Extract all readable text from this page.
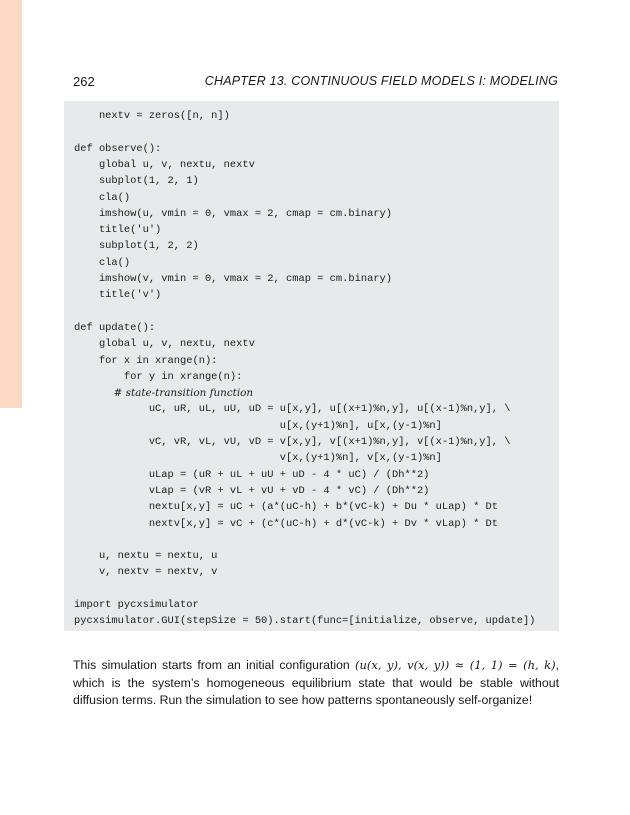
262	CHAPTER 13. CONTINUOUS FIELD MODELS I: MODELING
nextv = zeros([n, n])
def observe():
global u, v, nextu, nextv
subplot(1, 2, 1)
cla()
imshow(u, vmin = 0, vmax = 2, cmap = cm.binary)
title('u')
subplot(1, 2, 2)
cla()
imshow(v, vmin = 0, vmax = 2, cmap = cm.binary)
title('v')
def update():
global u, v, nextu, nextv
for x in xrange(n):
for y in xrange(n):
# state-transition function
uC, uR, uL, uU, uD = u[x,y], u[(x+1)%n,y], u[(x-1)%n,y], \
u[x,(y+1)%n], u[x,(y-1)%n]
vC, vR, vL, vU, vD = v[x,y], v[(x+1)%n,y], v[(x-1)%n,y], \
v[x,(y+1)%n], v[x,(y-1)%n]
uLap = (uR + uL + uU + uD - 4 * uC) / (Dh**2)
vLap = (vR + vL + vU + vD - 4 * vC) / (Dh**2)
nextu[x,y] = uC + (a*(uC-h) + b*(vC-k) + Du * uLap) * Dt
nextv[x,y] = vC + (c*(uC-h) + d*(vC-k) + Dv * vLap) * Dt
u, nextu = nextu, u
v, nextv = nextv, v
import pycxsimulator
pycxsimulator.GUI(stepSize = 50).start(func=[initialize, observe, update])

This simulation starts from an initial configuration (u(x, y), v(x, y)) ≈ (1, 1) = (h, k), which is the system’s homogeneous equilibrium state that would be stable without diffusion terms. Run the simulation to see how patterns spontaneously self-organize!
